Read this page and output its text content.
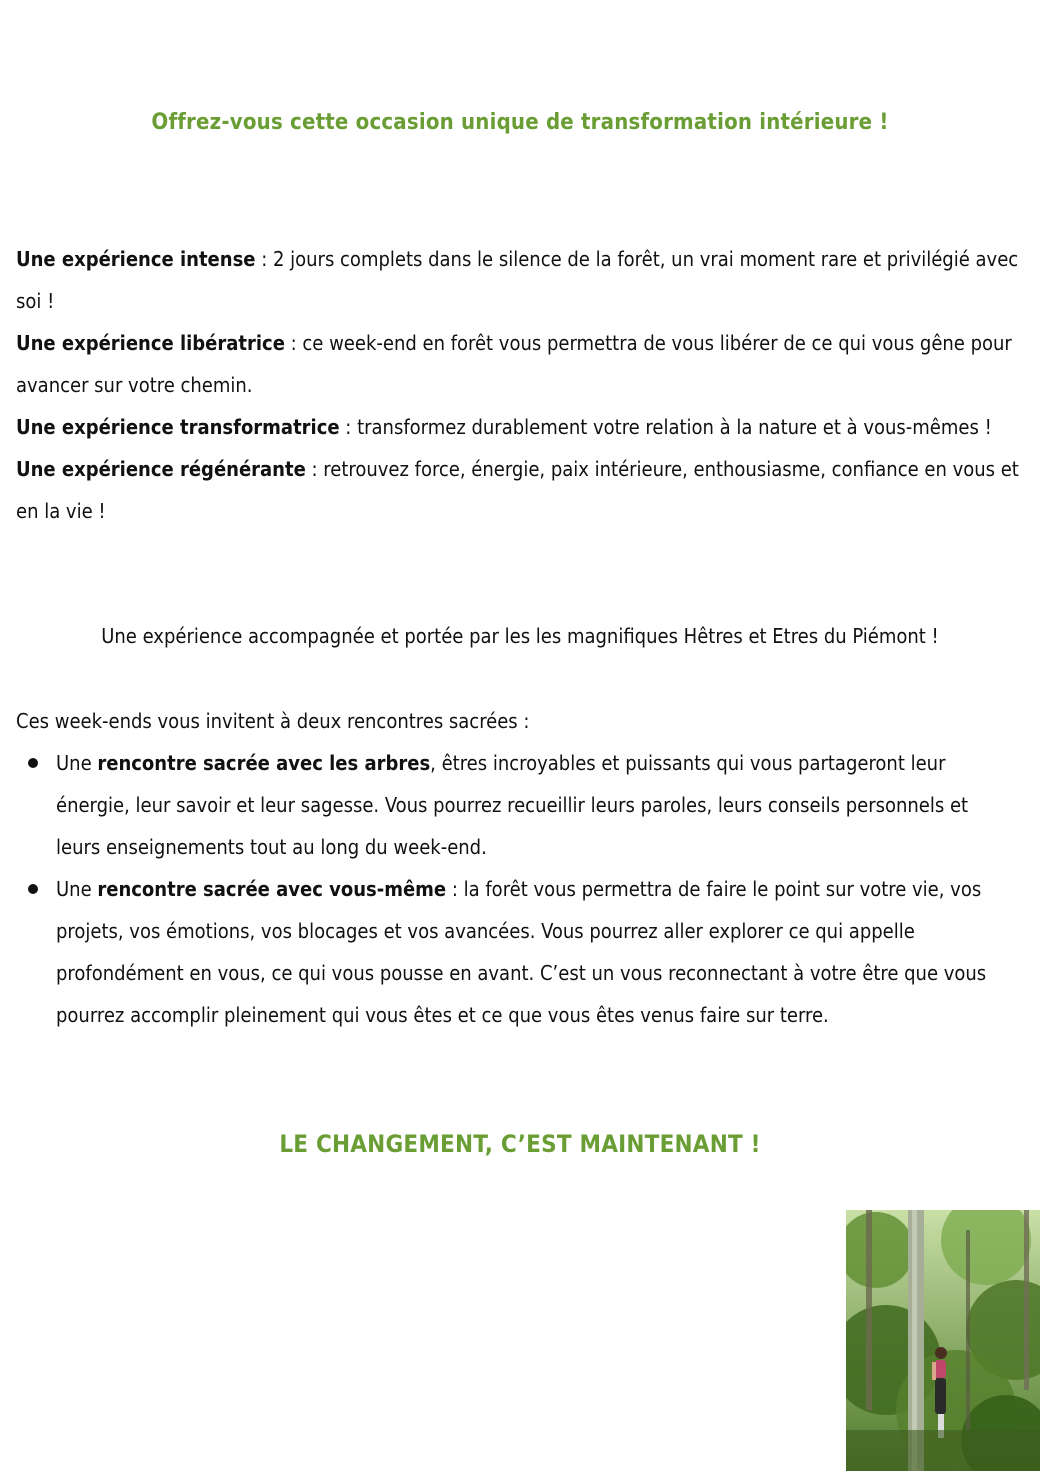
Offrez-vous cette occasion unique de transformation intérieure !

Une expérience intense : 2 jours complets dans le silence de la forêt, un vrai moment rare et privilégié avec soi !

Une expérience libératrice : ce week-end en forêt vous permettra de vous libérer de ce qui vous gêne pour avancer sur votre chemin.

Une expérience transformatrice : transformez durablement votre relation à la nature et à vous-mêmes !

Une expérience régénérante : retrouvez force, énergie, paix intérieure, enthousiasme, confiance en vous et en la vie !

Une expérience accompagnée et portée par les les magnifiques Hêtres et Etres du Piémont !
Ces week-ends vous invitent à deux rencontres sacrées :
Une rencontre sacrée avec les arbres, êtres incroyables et puissants qui vous partageront leur énergie, leur savoir et leur sagesse. Vous pourrez recueillir leurs paroles, leurs conseils personnels et leurs enseignements tout au long du week-end.
Une rencontre sacrée avec vous-même : la forêt vous permettra de faire le point sur votre vie, vos projets, vos émotions, vos blocages et vos avancées. Vous pourrez aller explorer ce qui appelle profondément en vous, ce qui vous pousse en avant. C’est un vous reconnectant à votre être que vous pourrez accomplir pleinement qui vous êtes et ce que vous êtes venus faire sur terre.
LE CHANGEMENT, C’EST MAINTENANT !
